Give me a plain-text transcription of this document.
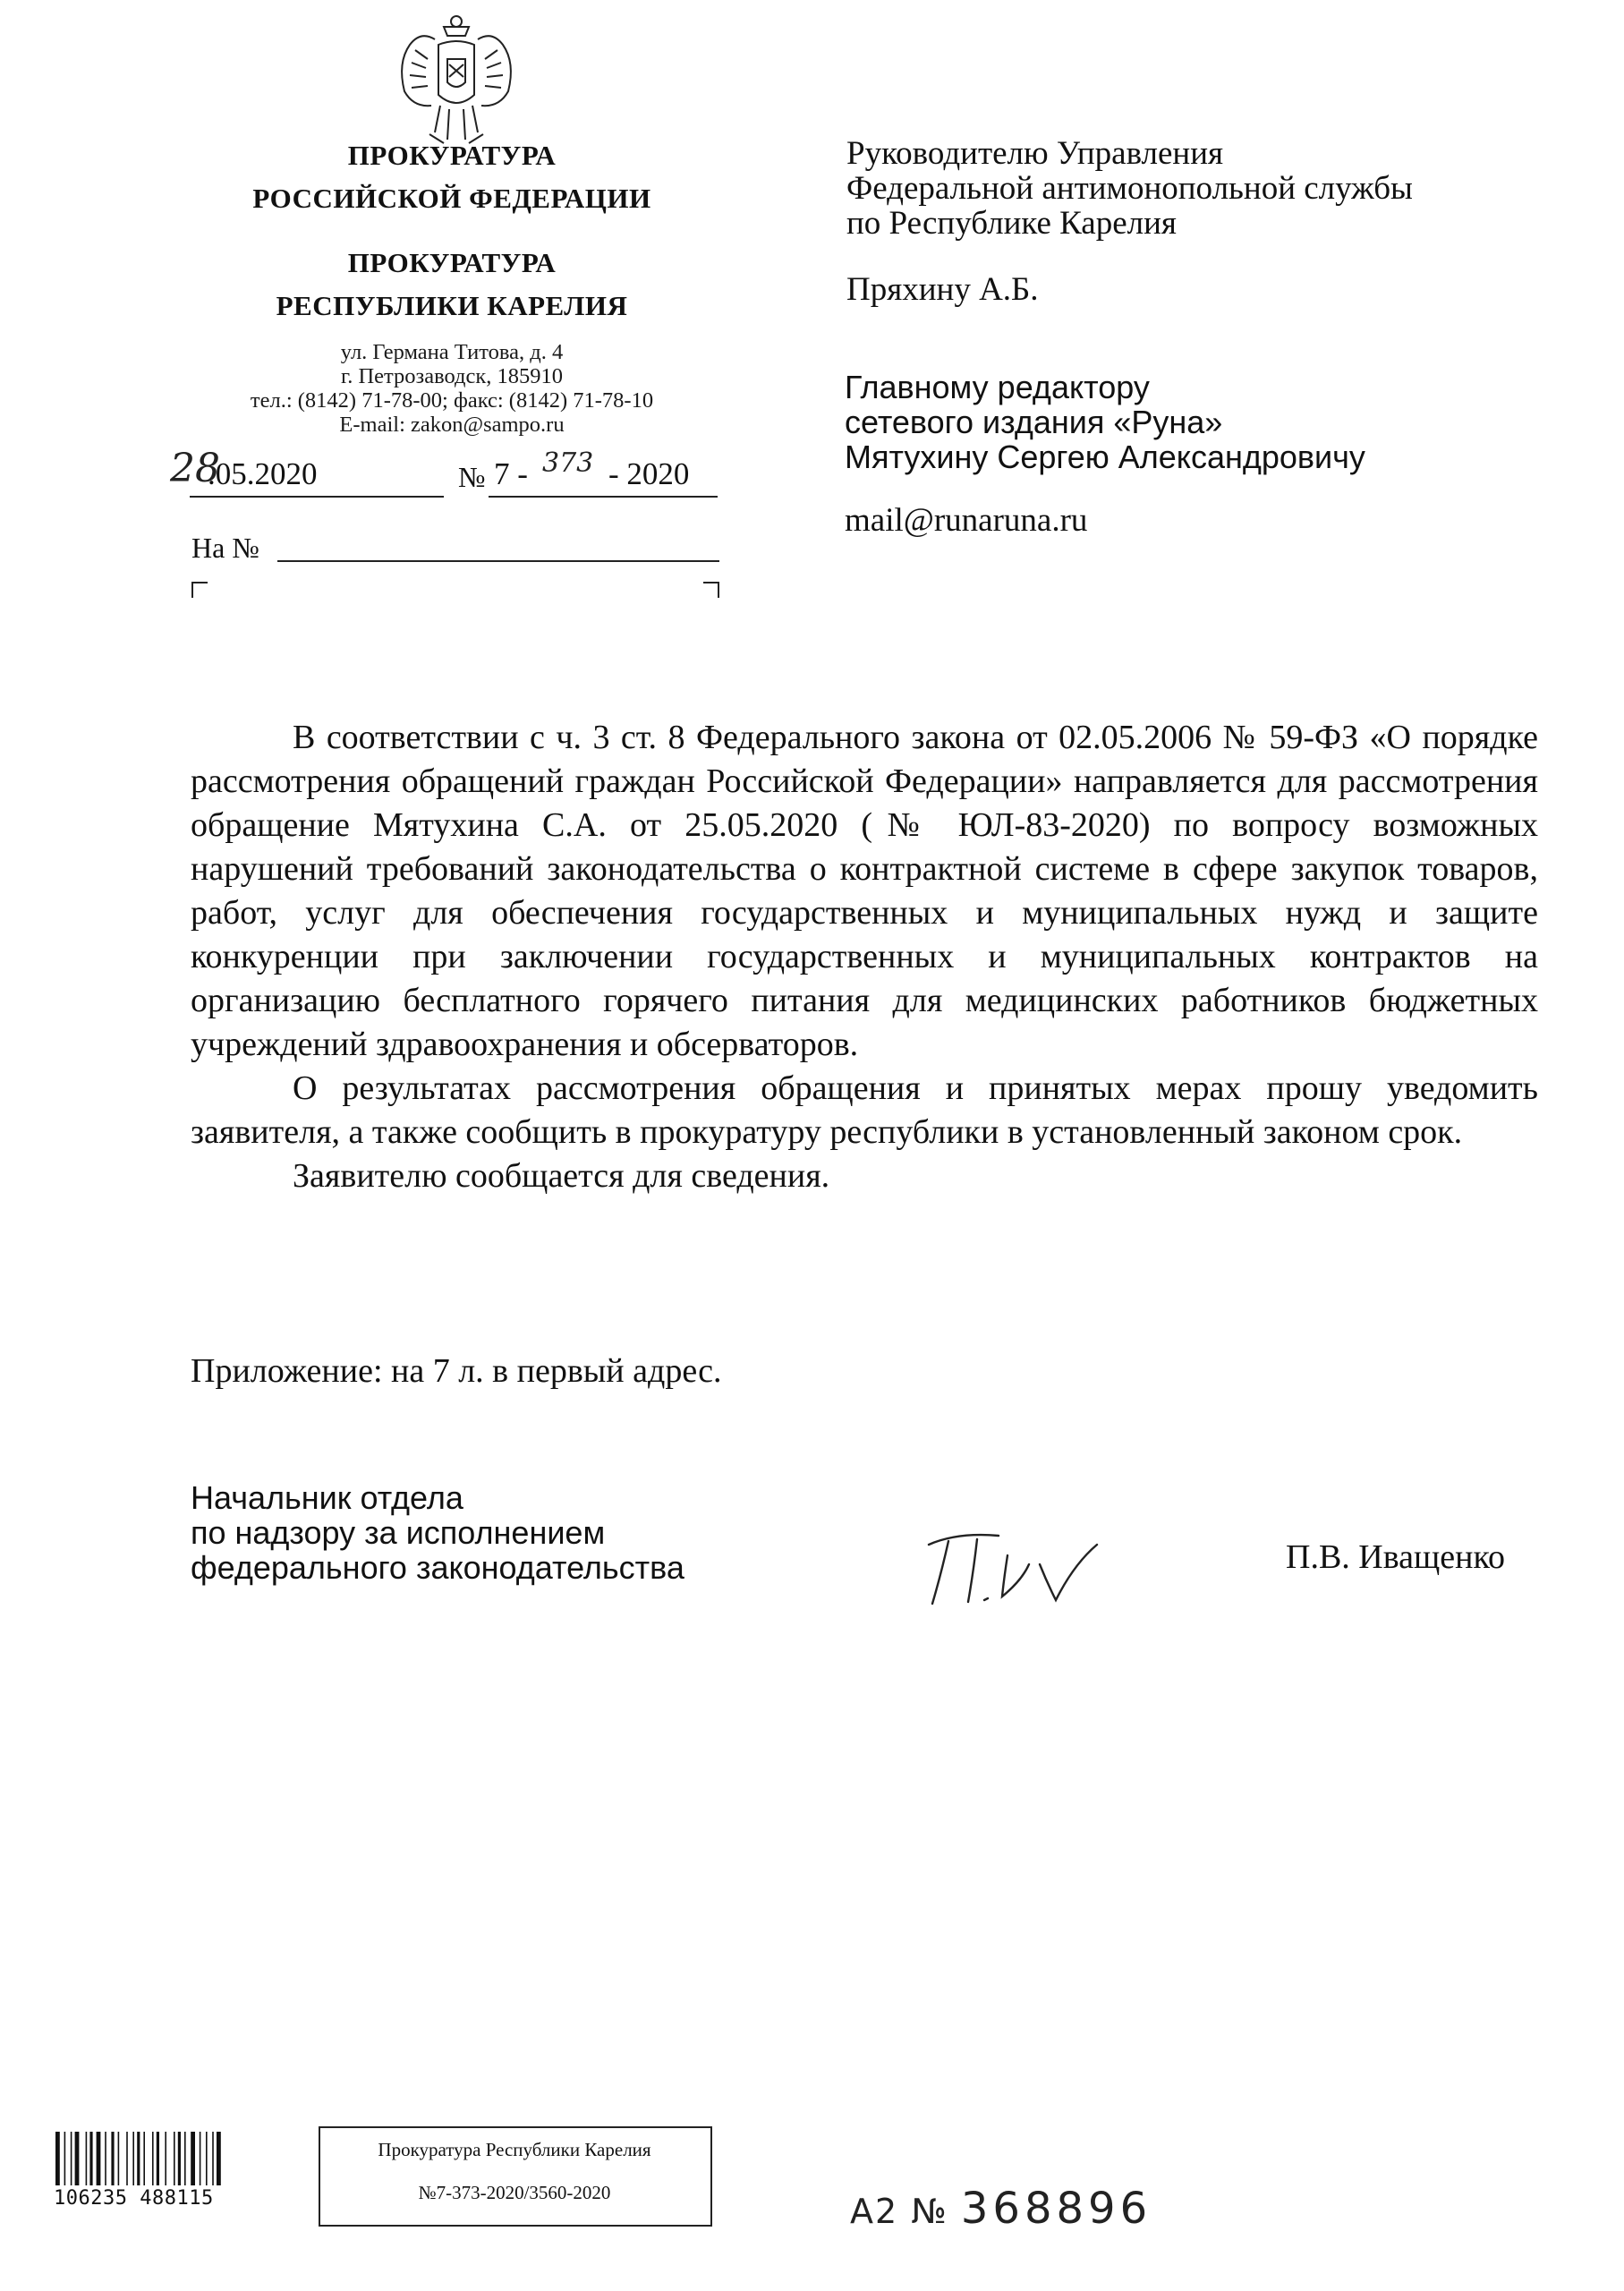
ПРОКУРАТУРА
РОССИЙСКОЙ ФЕДЕРАЦИИ
ПРОКУРАТУРА
РЕСПУБЛИКИ КАРЕЛИЯ
ул. Германа Титова, д. 4
г. Петрозаводск, 185910
тел.: (8142) 71-78-00; факс: (8142) 71-78-10
E-mail: zakon@sampo.ru
28
.05.2020	№ 7 - 373 - 2020
На №
Руководителю Управления
Федеральной антимонопольной службы
по Республике Карелия
Пряхину А.Б.
Главному редактору
сетевого издания «Руна»
Мятухину Сергею Александровичу
mail@runaruna.ru

В соответствии с ч. 3 ст. 8 Федерального закона от 02.05.2006 № 59-ФЗ «О порядке рассмотрения обращений граждан Российской Федерации» направляется для рассмотрения обращение Мятухина С.А. от 25.05.2020 (№ ЮЛ-83-2020) по вопросу возможных нарушений требований законодательства о контрактной системе в сфере закупок товаров, работ, услуг для обеспечения государственных и муниципальных нужд и защите конкуренции при заключении государственных и муниципальных контрактов на организацию бесплатного горячего питания для медицинских работников бюджетных учреждений здравоохранения и обсерваторов.

О результатах рассмотрения обращения и принятых мерах прошу уведомить заявителя, а также сообщить в прокуратуру республики в установленный законом срок.

Заявителю сообщается для сведения.

Приложение: на 7 л. в первый адрес.
Начальник отдела
по надзору за исполнением
федерального законодательства	П.В. Иващенко
106235 488115
Прокуратура Республики Карелия
№7-373-2020/3560-2020	А2 № 368896
